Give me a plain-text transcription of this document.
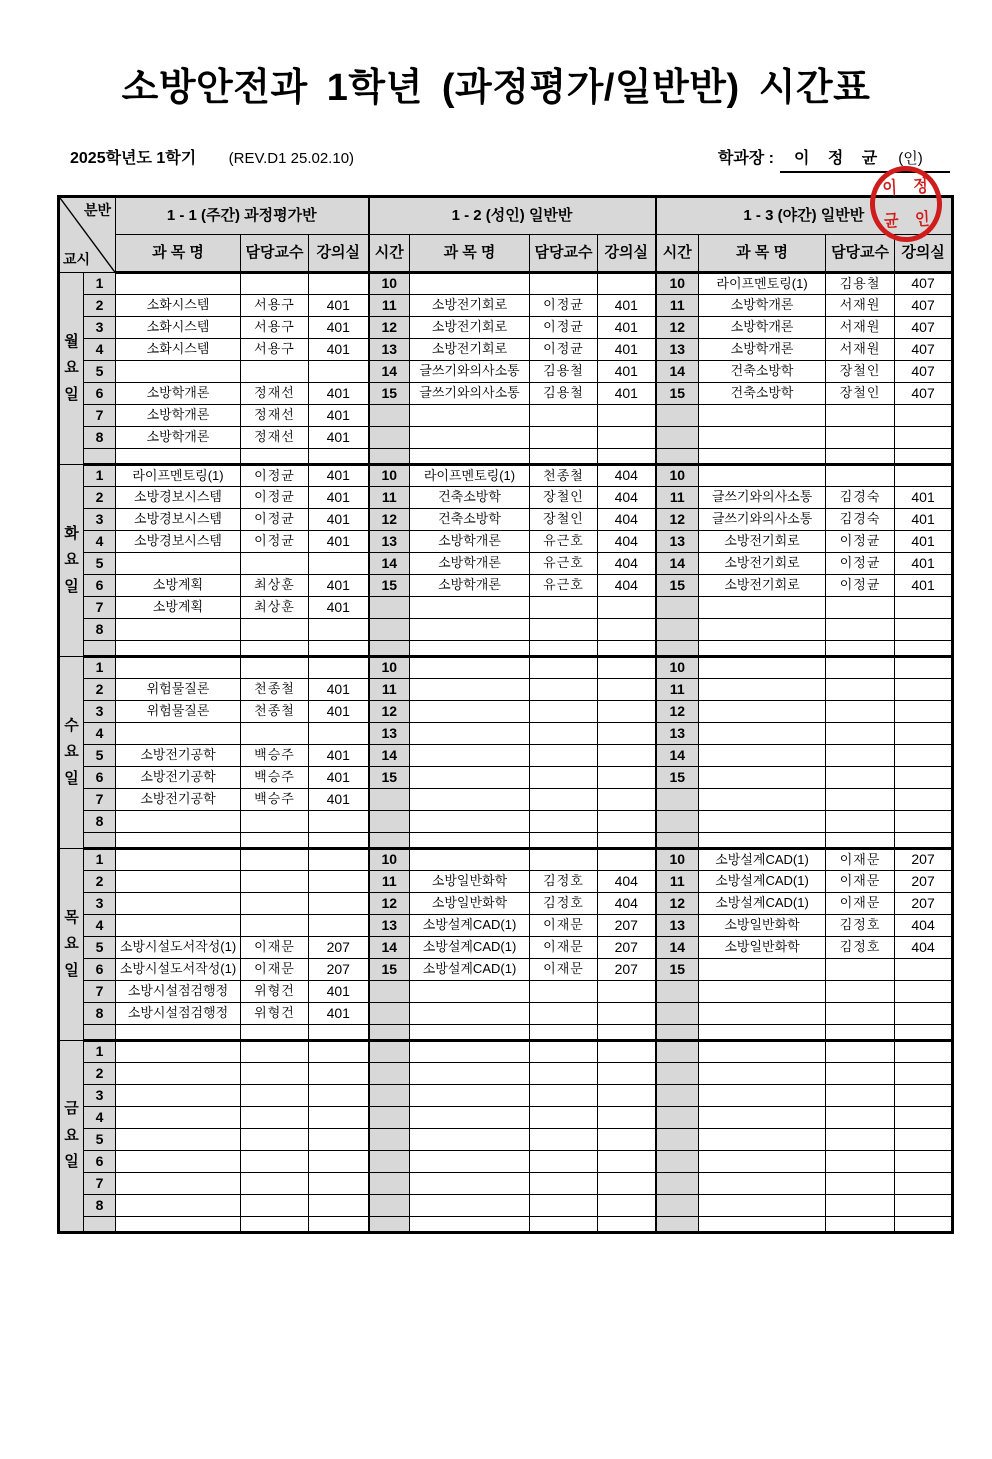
소방안전과 1학년 (과정평가/일반반) 시간표
2025학년도 1학기 (REV.D1 25.02.10)	학과장 : 이 정 균 (인)
이 정
균 인
분반
교시		1 - 1 (주간) 과정평가반			1 - 2 (성인) 일반반				1 - 3 (야간) 일반반			
		과 목 명	담당교수	강의실	시간	과 목 명	담당교수	강의실	시간	과 목 명	담당교수	강의실

월
요
일	1				10				10	라이프멘토링(1)	김용철	407
	2	소화시스템	서용구	401	11	소방전기회로	이정균	401	11	소방학개론	서재원	407
	3	소화시스템	서용구	401	12	소방전기회로	이정균	401	12	소방학개론	서재원	407
	4	소화시스템	서용구	401	13	소방전기회로	이정균	401	13	소방학개론	서재원	407
	5				14	글쓰기와의사소통	김용철	401	14	건축소방학	장철인	407
	6	소방학개론	정재선	401	15	글쓰기와의사소통	김용철	401	15	건축소방학	장철인	407
	7	소방학개론	정재선	401								
	8	소방학개론	정재선	401								

화
요
일	1	라이프멘토링(1)	이정균	401	10	라이프멘토링(1)	천종철	404	10			
	2	소방경보시스템	이정균	401	11	건축소방학	장철인	404	11	글쓰기와의사소통	김경숙	401
	3	소방경보시스템	이정균	401	12	건축소방학	장철인	404	12	글쓰기와의사소통	김경숙	401
	4	소방경보시스템	이정균	401	13	소방학개론	유근호	404	13	소방전기회로	이정균	401
	5				14	소방학개론	유근호	404	14	소방전기회로	이정균	401
	6	소방계획	최상훈	401	15	소방학개론	유근호	404	15	소방전기회로	이정균	401
	7	소방계획	최상훈	401								
	8											

수
요
일	1				10				10			
	2	위험물질론	천종철	401	11				11			
	3	위험물질론	천종철	401	12				12			
	4				13				13			
	5	소방전기공학	백승주	401	14				14			
	6	소방전기공학	백승주	401	15				15			
	7	소방전기공학	백승주	401								
	8											

목
요
일	1				10				10	소방설계CAD(1)	이재문	207
	2				11	소방일반화학	김정호	404	11	소방설계CAD(1)	이재문	207
	3				12	소방일반화학	김정호	404	12	소방설계CAD(1)	이재문	207
	4				13	소방설계CAD(1)	이재문	207	13	소방일반화학	김정호	404
	5	소방시설도서작성(1)	이재문	207	14	소방설계CAD(1)	이재문	207	14	소방일반화학	김정호	404
	6	소방시설도서작성(1)	이재문	207	15	소방설계CAD(1)	이재문	207	15			
	7	소방시설점검행정	위형건	401								
	8	소방시설점검행정	위형건	401								

금
요
일	1											
	2											
	3											
	4											
	5											
	6											
	7											
	8											
